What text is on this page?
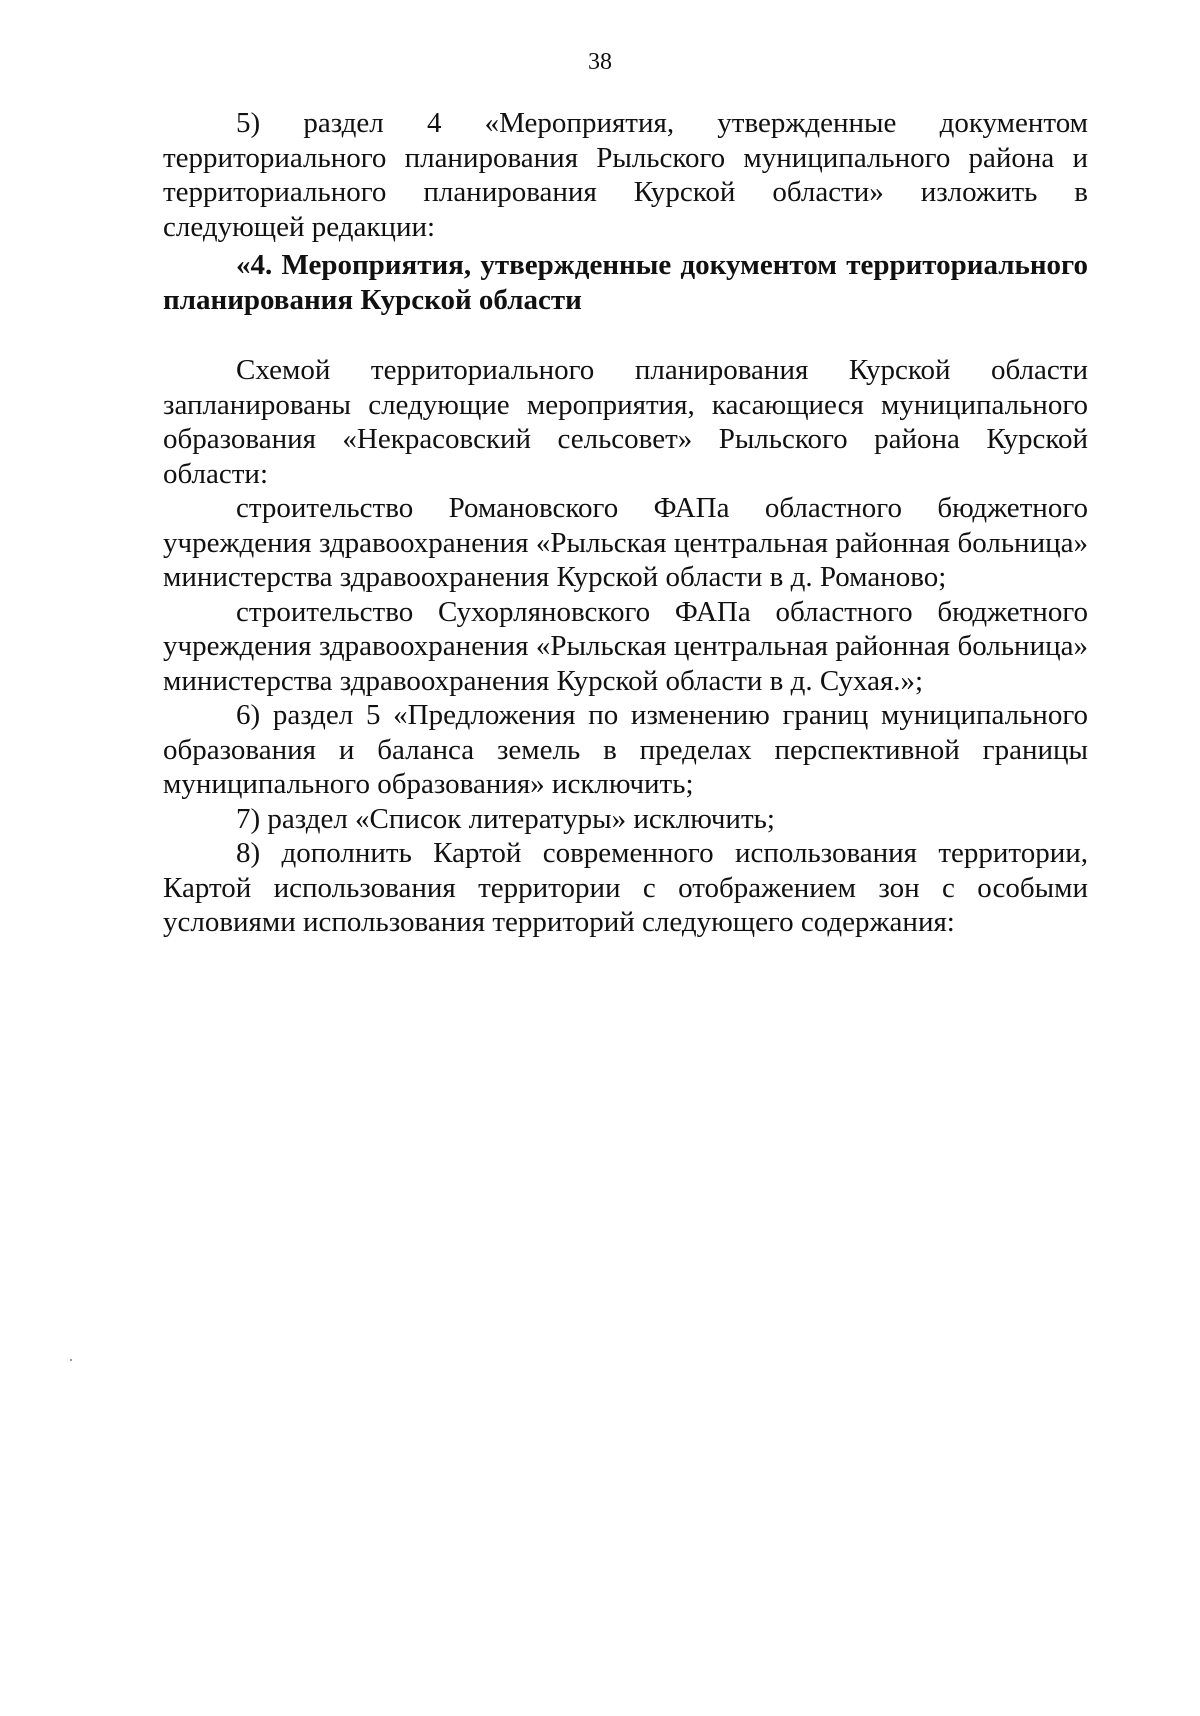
38

5) раздел 4 «Мероприятия, утвержденные документом территориального планирования Рыльского муниципального района и территориального планирования Курской области» изложить в следующей редакции:

«4. Мероприятия, утвержденные документом территориального планирования Курской области

Схемой территориального планирования Курской области запланированы следующие мероприятия, касающиеся муниципального образования «Некрасовский сельсовет» Рыльского района Курской области:

строительство Романовского ФАПа областного бюджетного учреждения здравоохранения «Рыльская центральная районная больница» министерства здравоохранения Курской области в д. Романово;

строительство Сухорляновского ФАПа областного бюджетного учреждения здравоохранения «Рыльская центральная районная больница» министерства здравоохранения Курской области в д. Сухая.»;

6) раздел 5 «Предложения по изменению границ муниципального образования и баланса земель в пределах перспективной границы муниципального образования» исключить;

7) раздел «Список литературы» исключить;

8) дополнить Картой современного использования территории, Картой использования территории с отображением зон с особыми условиями использования территорий следующего содержания:
